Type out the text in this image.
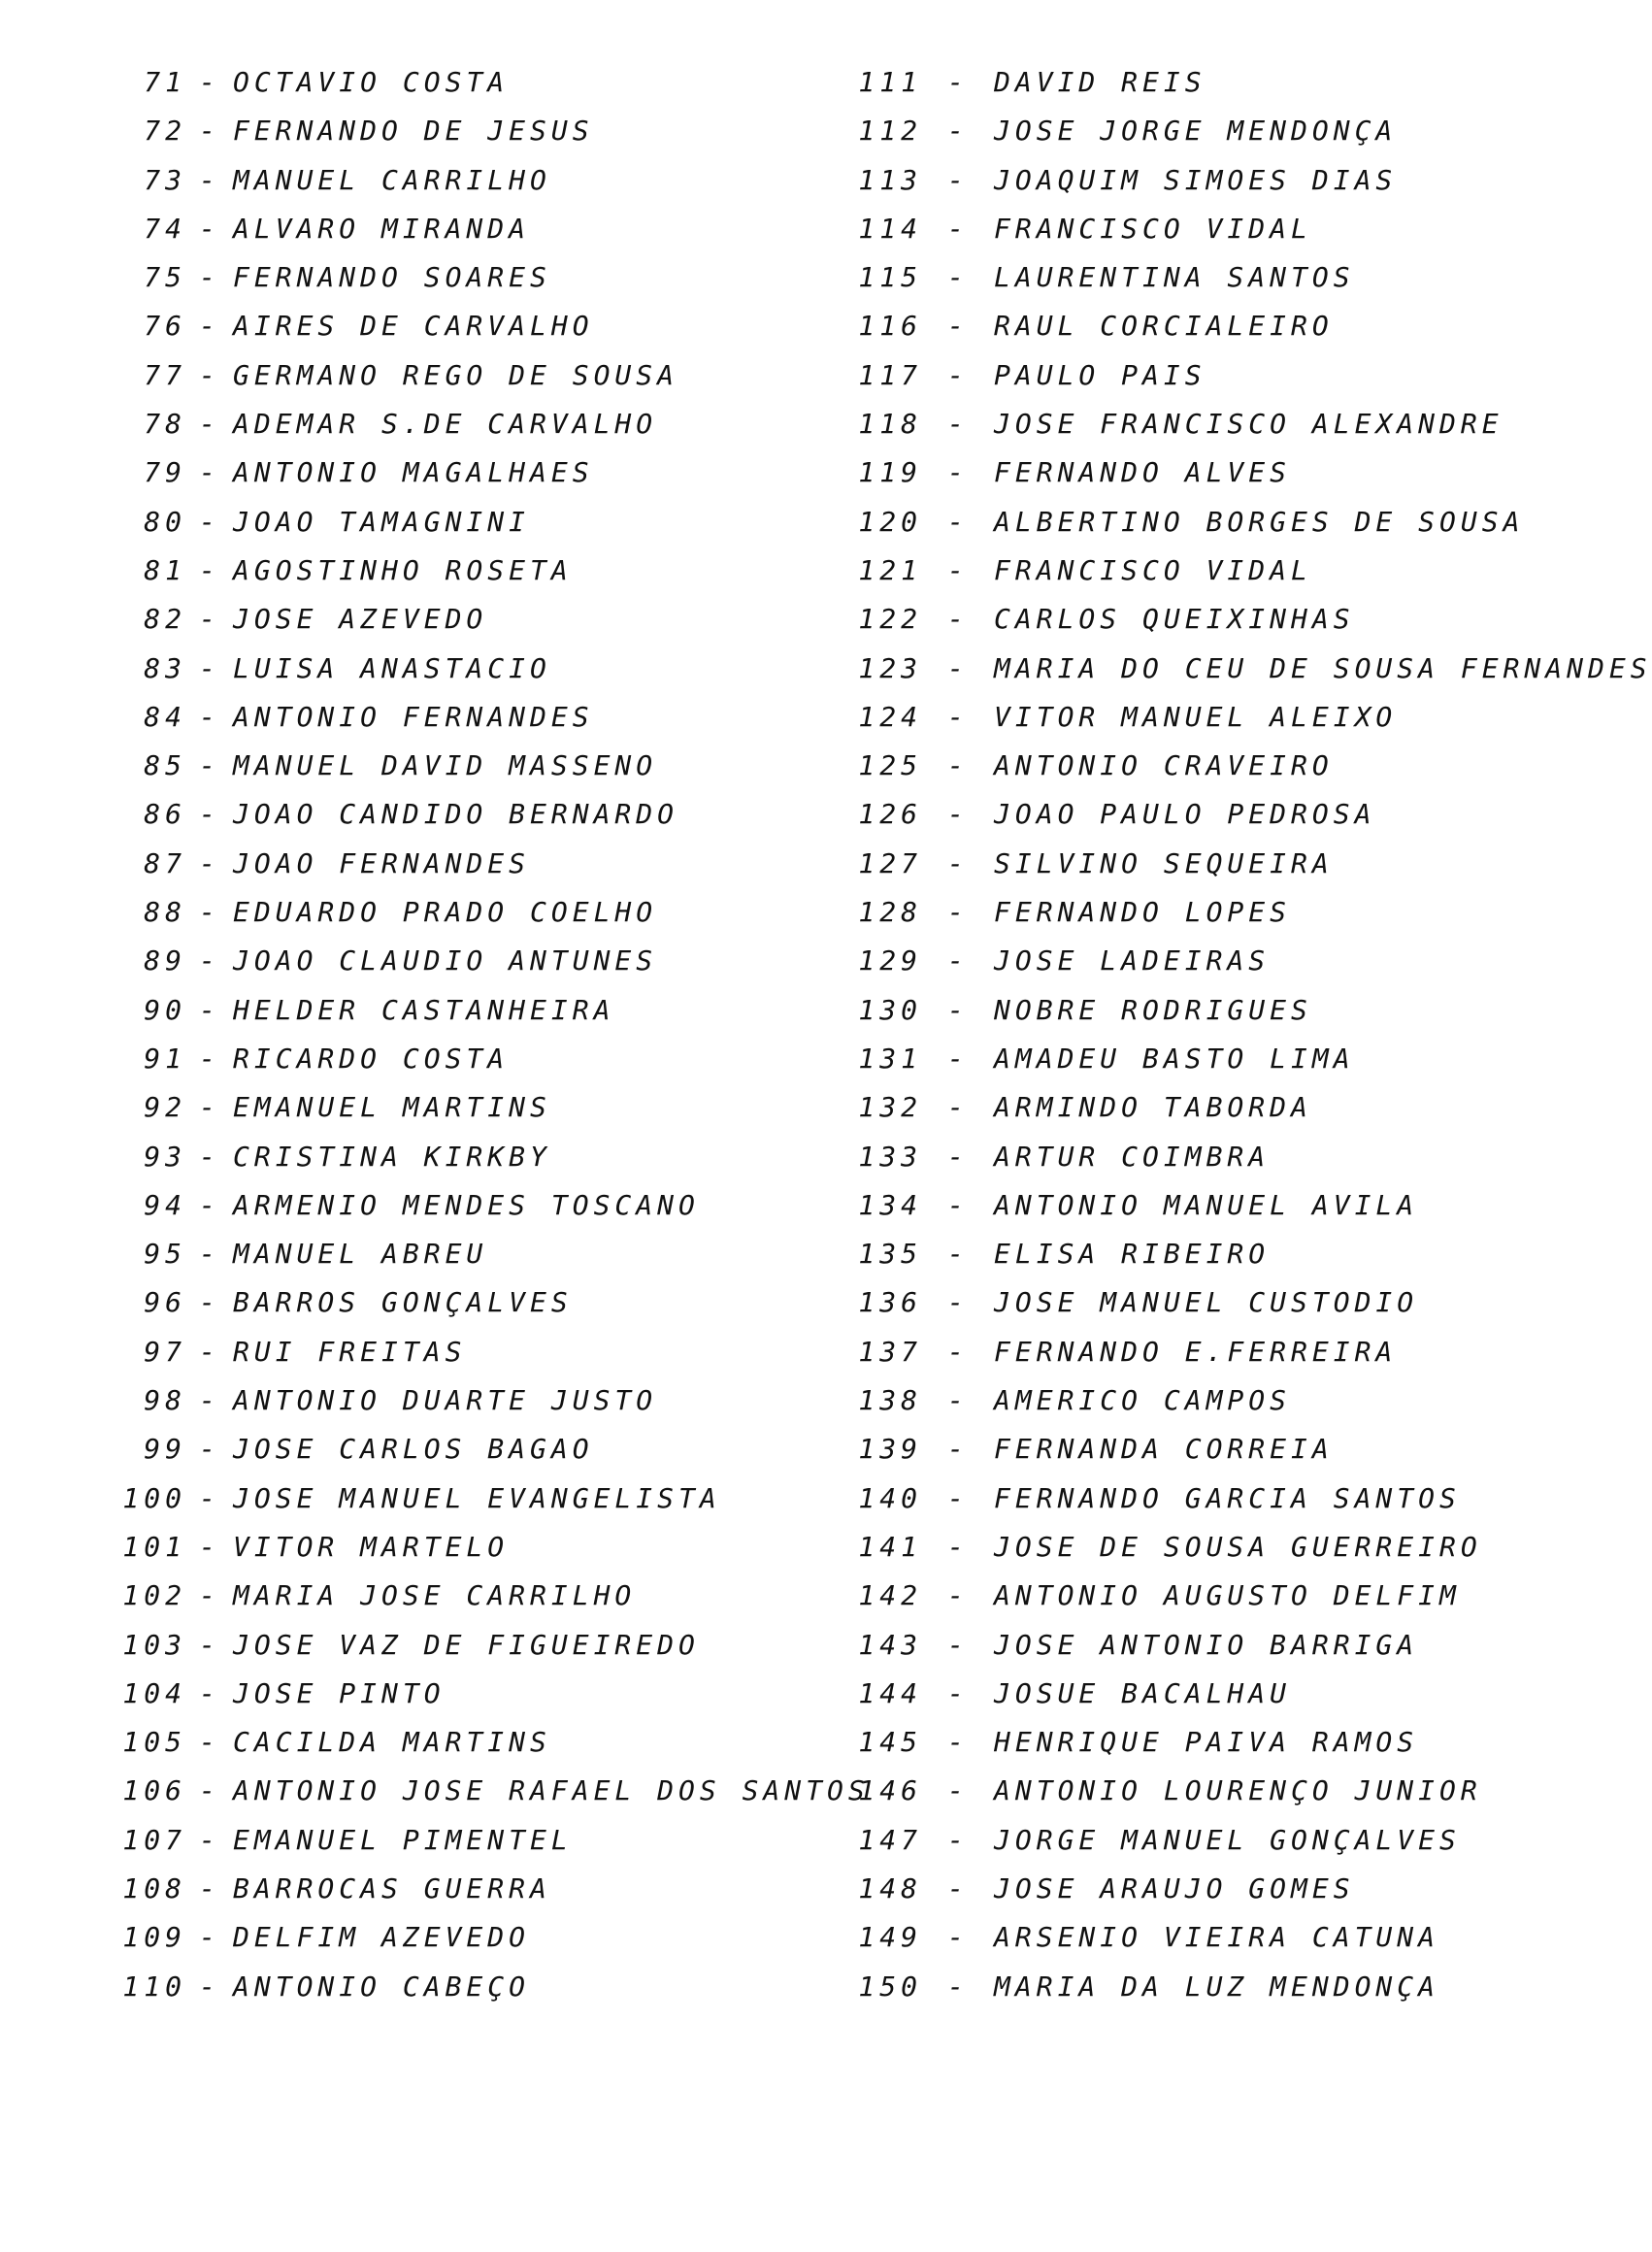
71 - OCTAVIO COSTA
72 - FERNANDO DE JESUS
73 - MANUEL CARRILHO
74 - ALVARO MIRANDA
75 - FERNANDO SOARES
76 - AIRES DE CARVALHO
77 - GERMANO REGO DE SOUSA
78 - ADEMAR S.DE CARVALHO
79 - ANTONIO MAGALHAES
80 - JOAO TAMAGNINI
81 - AGOSTINHO ROSETA
82 - JOSE AZEVEDO
83 - LUISA ANASTACIO
84 - ANTONIO FERNANDES
85 - MANUEL DAVID MASSENO
86 - JOAO CANDIDO BERNARDO
87 - JOAO FERNANDES
88 - EDUARDO PRADO COELHO
89 - JOAO CLAUDIO ANTUNES
90 - HELDER CASTANHEIRA
91 - RICARDO COSTA
92 - EMANUEL MARTINS
93 - CRISTINA KIRKBY
94 - ARMENIO MENDES TOSCANO
95 - MANUEL ABREU
96 - BARROS GONÇALVES
97 - RUI FREITAS
98 - ANTONIO DUARTE JUSTO
99 - JOSE CARLOS BAGAO
100 - JOSE MANUEL EVANGELISTA
101 - VITOR MARTELO
102 - MARIA JOSE CARRILHO
103 - JOSE VAZ DE FIGUEIREDO
104 - JOSE PINTO
105 - CACILDA MARTINS
106 - ANTONIO JOSE RAFAEL DOS SANTOS
107 - EMANUEL PIMENTEL
108 - BARROCAS GUERRA
109 - DELFIM AZEVEDO
110 - ANTONIO CABEÇO
111 - DAVID REIS
112 - JOSE JORGE MENDONÇA
113 - JOAQUIM SIMOES DIAS
114 - FRANCISCO VIDAL
115 - LAURENTINA SANTOS
116 - RAUL CORCIALEIRO
117 - PAULO PAIS
118 - JOSE FRANCISCO ALEXANDRE
119 - FERNANDO ALVES
120 - ALBERTINO BORGES DE SOUSA
121 - FRANCISCO VIDAL
122 - CARLOS QUEIXINHAS
123 - MARIA DO CEU DE SOUSA FERNANDES
124 - VITOR MANUEL ALEIXO
125 - ANTONIO CRAVEIRO
126 - JOAO PAULO PEDROSA
127 - SILVINO SEQUEIRA
128 - FERNANDO LOPES
129 - JOSE LADEIRAS
130 - NOBRE RODRIGUES
131 - AMADEU BASTO LIMA
132 - ARMINDO TABORDA
133 - ARTUR COIMBRA
134 - ANTONIO MANUEL AVILA
135 - ELISA RIBEIRO
136 - JOSE MANUEL CUSTODIO
137 - FERNANDO E.FERREIRA
138 - AMERICO CAMPOS
139 - FERNANDA CORREIA
140 - FERNANDO GARCIA SANTOS
141 - JOSE DE SOUSA GUERREIRO
142 - ANTONIO AUGUSTO DELFIM
143 - JOSE ANTONIO BARRIGA
144 - JOSUE BACALHAU
145 - HENRIQUE PAIVA RAMOS
146 - ANTONIO LOURENÇO JUNIOR
147 - JORGE MANUEL GONÇALVES
148 - JOSE ARAUJO GOMES
149 - ARSENIO VIEIRA CATUNA
150 - MARIA DA LUZ MENDONÇA
